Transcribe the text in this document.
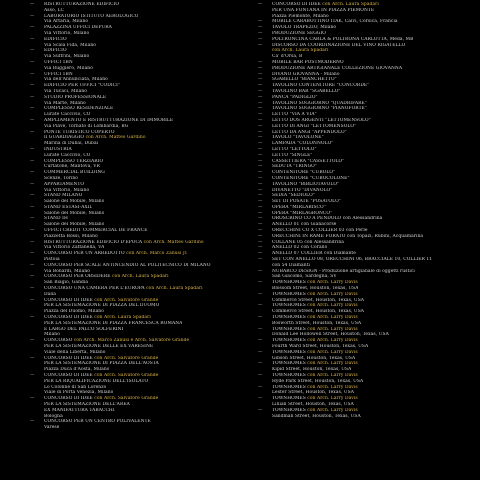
—	RISTRUTTURAZIONE EDIFICIO
Asso, LC
—	LABORATORIO ISTITUTO AEROLOGICO
Via Artaria, Milano
—	PALAZZINA UFFICI DEPURA
Via Vittorio, Milano
—	EDIFICIO
Via Scala Fida, Milano
—	EDIFICIO
Via Suffrini, Milano
—	UFFICI 1BN
Via Ruggiero, Milano
—	UFFICI 1BN
Via dell'Annunciata, Milano
—	EDIFICIO PER UFFICI "CODICI"
Via Tucaci, Milano
—	STUDIO PROFESSIONALE
Via Marte, Milano
—	COMPLESSO RESIDENZIALE
Lurate Caccivio, CO
—	AMPLIAMENTO E RISTRUTTURAZIONE DI IMMOBILE
Via Piave, Tornato di Lombardia, BG
—	PONTE TURISTICO COPERTO
Il GUARDIAGGIO con Arch. Matteo Gardino
Marina di Dubai, Dubai
—	INDUSTRIA
Lurate Caccivio, CO
—	COMPLESSO TERZIARIO
Curtatone, Mantova, VR
—	COMMERCIAL BUILDING
Scenze, Torino
—	APPARTAMENTO
Via Vittorio, Milano
—	STAND MILANO
Salone del Mobile, Milano
—	STAND ESTASI-AXIL
Salone del Mobile, Milano
—	STAND IH
Salone del Mobile, Milano
—	UFFICI CREDIT COMMERCIAL DE FRANCE
Piazzetta Bossi, Milano
—	RISTRUTTURAZIONE EDIFICIO D'EPOCA con Arch. Matteo Gardino
Via Vittorio Zaffanella, VA
—	CONCORSO PER UN ARREDOTTO con Arch. Marco Zanusi jr.
Pistoia
—	CONCORSO PER SCALE ANTINCENDIO AL POLITECNICO DI MILANO
Via Bonardi, Milano
—	CONCORSO PER OBSIDERE con Arch. Laura Spadari
San Biagio, Gandia
—	CONCORSO UNA CAMERA PER L'EUROPA con Arch. Laura Spadari
Dalia
—	CONCORSO DI IDEE con Arch. Salvatore Grande
PER LA SISTEMAZIONE DI PIAZZA DEL DUOMO
Piazza del Duomo, Milano
—	CONCORSO DI IDEE con Arch. Laura Spadari
PER LA SISTEMAZIONE DI PIAZZA FRANCESCA ROMANA
E LARGO DEL PALCO SOLFERINI
Milano
—	CONCORSO con Arch. Marco Zanusi e Arch. Salvatore Grande
PER LA SISTEMAZIONE DELLE EX VARESINE
Viale della Liberta, Milano
—	CONCORSO DI IDEE con Arch. Salvatore Grande
PER LA SISTEMAZIONE DI PIAZZA DELL'AOSTA
Piazza Duca d'Aosta, Milano
—	CONCORSO DI IDEE con Arch. Salvatore Grande
PER LA RIQUALIFICAZIONE DELL'ISOLATO
Lo Colonne di San Lorenzo
Viale di Porta Venezia, Milano
—	CONCORSO DI IDEE con Arch. Salvatore Grande
PER LA SISTEMAZIONE DELL'AREA
EX MANIFATTURA TABACCHI
Bologna
—	CONCORSO PER UN CENTRO POLIVALENTE
Varese
—	CONCORSO DI IDEE con Arch. Laura Spadari
PER UNA FONTANA IN PIAZZA PIEMONTE
Piazza Piemonte, Milano
—	MOBILE CARABOTTINO ITAK, Calvi, Corsica, Francia
—	TAVOLO TRAPEZIO, Milano
—	PRODUZIONE SEGGIO
—	POLTRONCINA CARLA & POLTRONA CARLOTTA, Meda, MB
—	DISCORSO DA COORDINAZIONE DEL VINO RIGATELLO
con Arch. Laura Spadari
Ca' d'Orsa, B
—	MOBILE BAR POSTMODERNO
—	PRODUZIONE ARTIGIANALE COLLEZIONE GIOVANNA
—	DIVANO GIOVANNA - Milano
—	SGABELLO "BIANCHETTO"
—	TAVOLINO CONTENITORE "CONCORDE"
—	TAVOLINO BAR "SGABELLO"
—	PANCA "PADIGLIO"
—	TAVOLINO SOGGIORNO "QUADRIFARE"
—	TAVOLINO SOGGIORNO "PIANOFORTE"
—	LETTO "VIA A VIA"
—	LETTO DOS ARGENTI "LETTOMENSOLO"
—	LETTO DI ANGI "LETTOMENSOLO"
—	LETTO DA ANGI "APPENDOLO"
—	TAVOLO "TAVOLONE"
—	LAMPADA "COLONNOLO"
—	LETTO "LETTOLO"
—	LETTO "SINGLE"
—	CASSETTIERA "CASSETTOLO"
—	SEDUTA "TRINGO"
—	CONTENITORE "CUBOLO"
—	CONTENITORE "CUBOCOLONE"
—	TAVOLINO "BIBLIOTAVOLO"
—	DIVANETTO "DIVANOLO"
—	SEDIA "SEDIOLO"
—	SET DI POSATE "POSATOLO"
—	OPERA "MIRLABISCO"
—	OPERA "MIRLAGRONCO"
—	OROSCRINO CO A PENDOLO con Alessandrina
—	ANELLO 01 con Gianacorse
—	ORECCHINI CO X COLLIER 03 con Perle
—	ORECCHINI IN RAME FORATO con Topazi, Rubini, Acquamarina
—	COLLANE 05 con Alessandrina
—	ANELLO 02 con Corallo
—	ANELLO 07 COLLIER con Diamante
—	SET CON ANELLO 08, ORECCHINI 06, BRACCIALE 10, COLLIER 11
con 54 Diamanti
—	NUBARCO DESIGN - Produzione artigianale di oggetti rustici
San Giacomo, Sardegna, SV
—	TOWNHOMES con Arch. Larry Davis
Blossom Street, Houston, Texas, USA
—	TOWNHOMES con Arch. Larry Davis
Commerce Street, Houston, Texas, USA
—	TOWNHOMES con Arch. Larry Davis
Commerce Street, Houston, Texas, USA
—	TOWNHOMES con Arch. Larry Davis
Bosworth Street, Houston, Texas, USA
—	TOWNHOMES con Arch. Larry Davis
Donald Lee Hollowell Street, Houston, Texas, USA
—	TOWNHOMES con Arch. Larry Davis
Fourth Ward Street, Houston, Texas, USA
—	TOWNHOMES con Arch. Larry Davis
Gibson Street, Houston, Texas, USA
—	TOWNHOMES con Arch. Larry Davis
Kipid Street, Houston, Texas, USA
—	TOWNHOMES con Arch. Larry Davis
Hyde Park Street, Houston, Texas, USA
—	TOWNHOMES con Arch. Larry Davis
Lester Street, Houston, Texas, USA
—	TOWNHOMES con Arch. Larry Davis
Lillian Street, Houston, Texas, USA
—	TOWNHOMES con Arch. Larry Davis
Sandman Street, Houston, Texas, USA
